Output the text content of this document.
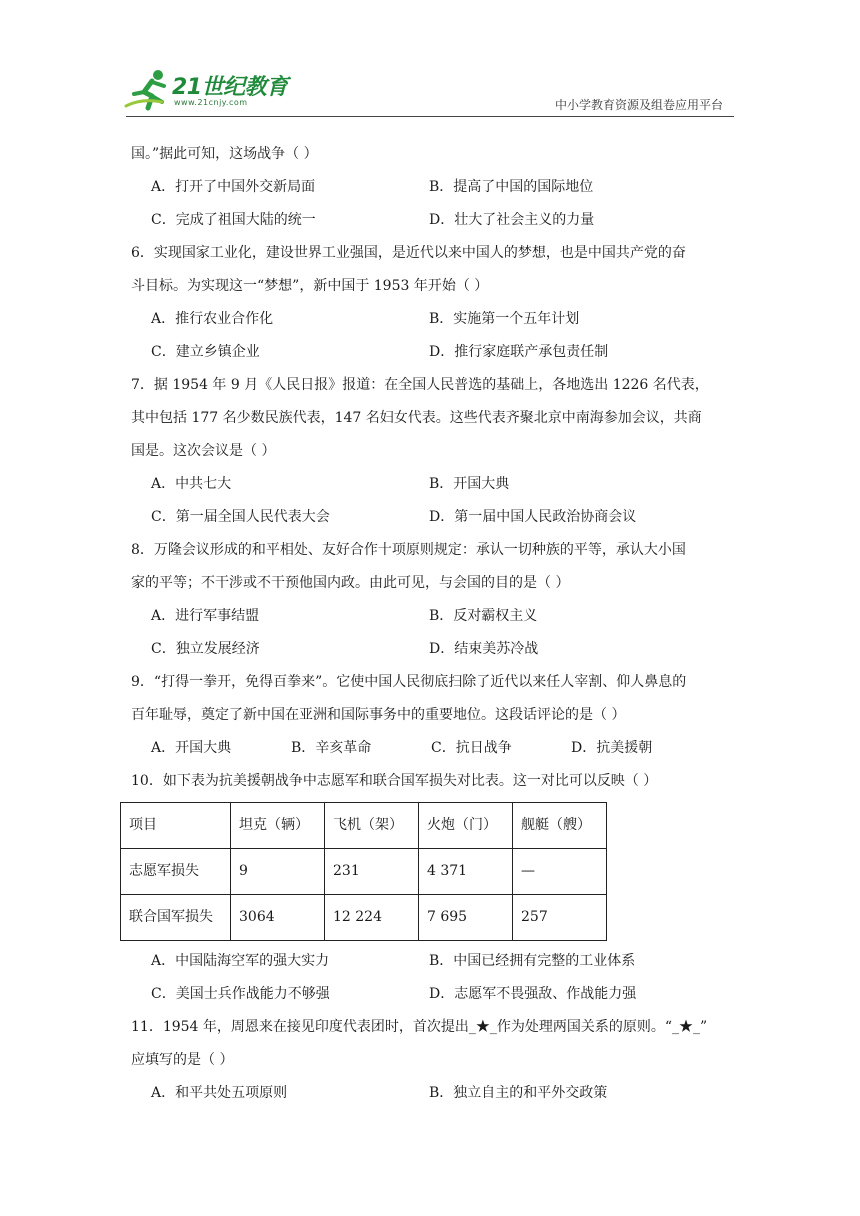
21世纪教育
www.21cnjy.com	中小学教育资源及组卷应用平台
国。”据此可知，这场战争（ ）
A．打开了中国外交新局面	B．提高了中国的国际地位
C．完成了祖国大陆的统一	D．壮大了社会主义的力量
6．实现国家工业化，建设世界工业强国，是近代以来中国人的梦想，也是中国共产党的奋
斗目标。为实现这一“梦想”，新中国于 1953 年开始（ ）
A．推行农业合作化	B．实施第一个五年计划
C．建立乡镇企业	D．推行家庭联产承包责任制
7．据 1954 年 9 月《人民日报》报道：在全国人民普选的基础上，各地选出 1226 名代表，
其中包括 177 名少数民族代表，147 名妇女代表。这些代表齐聚北京中南海参加会议，共商
国是。这次会议是（ ）
A．中共七大	B．开国大典
C．第一届全国人民代表大会	D．第一届中国人民政治协商会议
8．万隆会议形成的和平相处、友好合作十项原则规定：承认一切种族的平等，承认大小国
家的平等；不干涉或不干预他国内政。由此可见，与会国的目的是（ ）
A．进行军事结盟	B．反对霸权主义
C．独立发展经济	D．结束美苏冷战
9．“打得一拳开，免得百拳来”。它使中国人民彻底扫除了近代以来任人宰割、仰人鼻息的
百年耻辱，奠定了新中国在亚洲和国际事务中的重要地位。这段话评论的是（ ）
A．开国大典	B．辛亥革命	C．抗日战争	D．抗美援朝
10．如下表为抗美援朝战争中志愿军和联合国军损失对比表。这一对比可以反映（ ）
项目	坦克（辆）	飞机（架）	火炮（门）	舰艇（艘）
志愿军损失	9	231	4 371	—
联合国军损失	3064	12 224	7 695	257
A．中国陆海空军的强大实力	B．中国已经拥有完整的工业体系
C．美国士兵作战能力不够强	D．志愿军不畏强敌、作战能力强
11．1954 年，周恩来在接见印度代表团时，首次提出_★_作为处理两国关系的原则。“_★_”
应填写的是（ ）
A．和平共处五项原则	B．独立自主的和平外交政策
